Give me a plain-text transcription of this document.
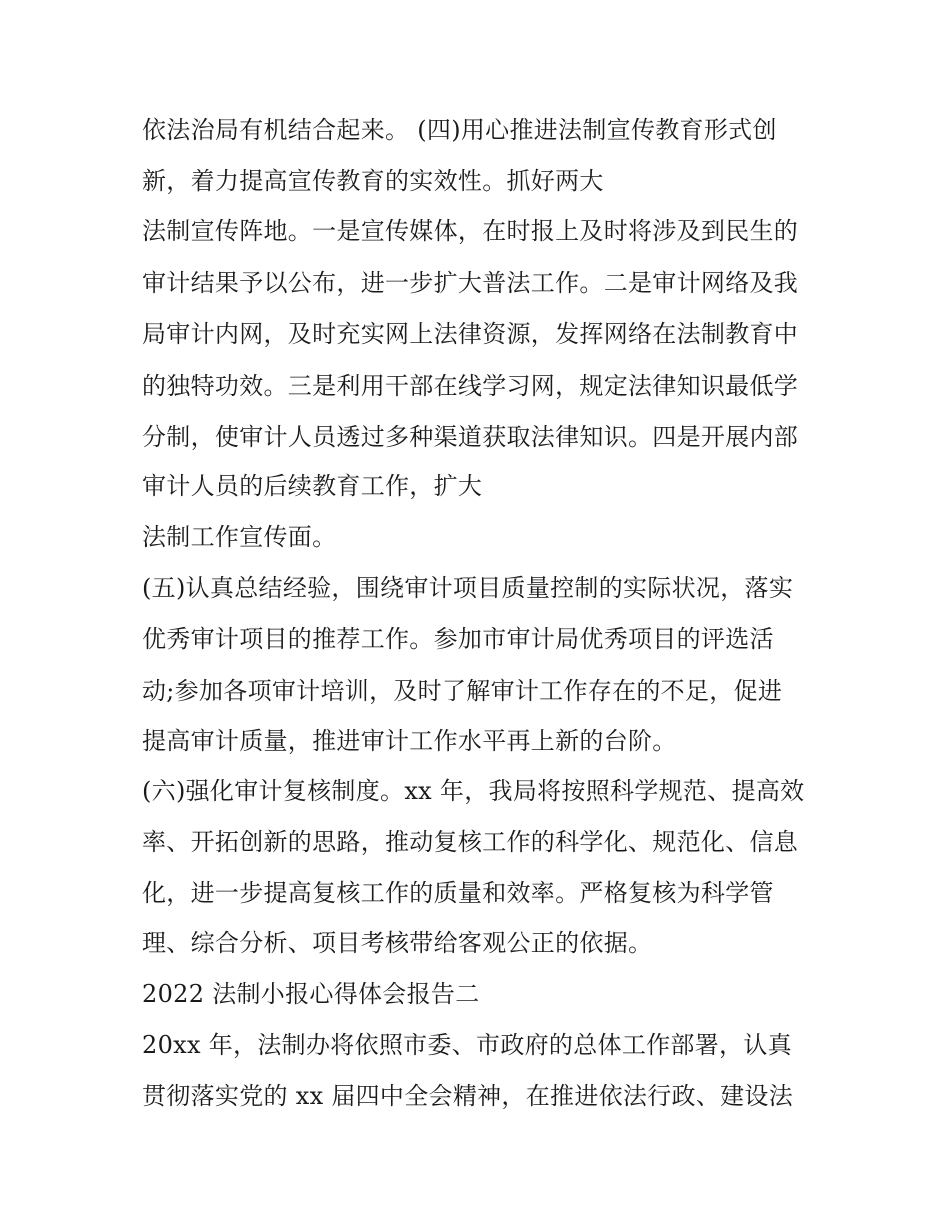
依法治局有机结合起来。 (四)用心推进法制宣传教育形式创
新，着力提高宣传教育的实效性。抓好两大
法制宣传阵地。一是宣传媒体，在时报上及时将涉及到民生的
审计结果予以公布，进一步扩大普法工作。二是审计网络及我
局审计内网，及时充实网上法律资源，发挥网络在法制教育中
的独特功效。三是利用干部在线学习网，规定法律知识最低学
分制，使审计人员透过多种渠道获取法律知识。四是开展内部
审计人员的后续教育工作，扩大
法制工作宣传面。
(五)认真总结经验，围绕审计项目质量控制的实际状况，落实
优秀审计项目的推荐工作。参加市审计局优秀项目的评选活
动;参加各项审计培训，及时了解审计工作存在的不足，促进
提高审计质量，推进审计工作水平再上新的台阶。
(六)强化审计复核制度。xx 年，我局将按照科学规范、提高效
率、开拓创新的思路，推动复核工作的科学化、规范化、信息
化，进一步提高复核工作的质量和效率。严格复核为科学管
理、综合分析、项目考核带给客观公正的依据。
2022 法制小报心得体会报告二
20xx 年，法制办将依照市委、市政府的总体工作部署，认真
贯彻落实党的 xx 届四中全会精神，在推进依法行政、建设法
